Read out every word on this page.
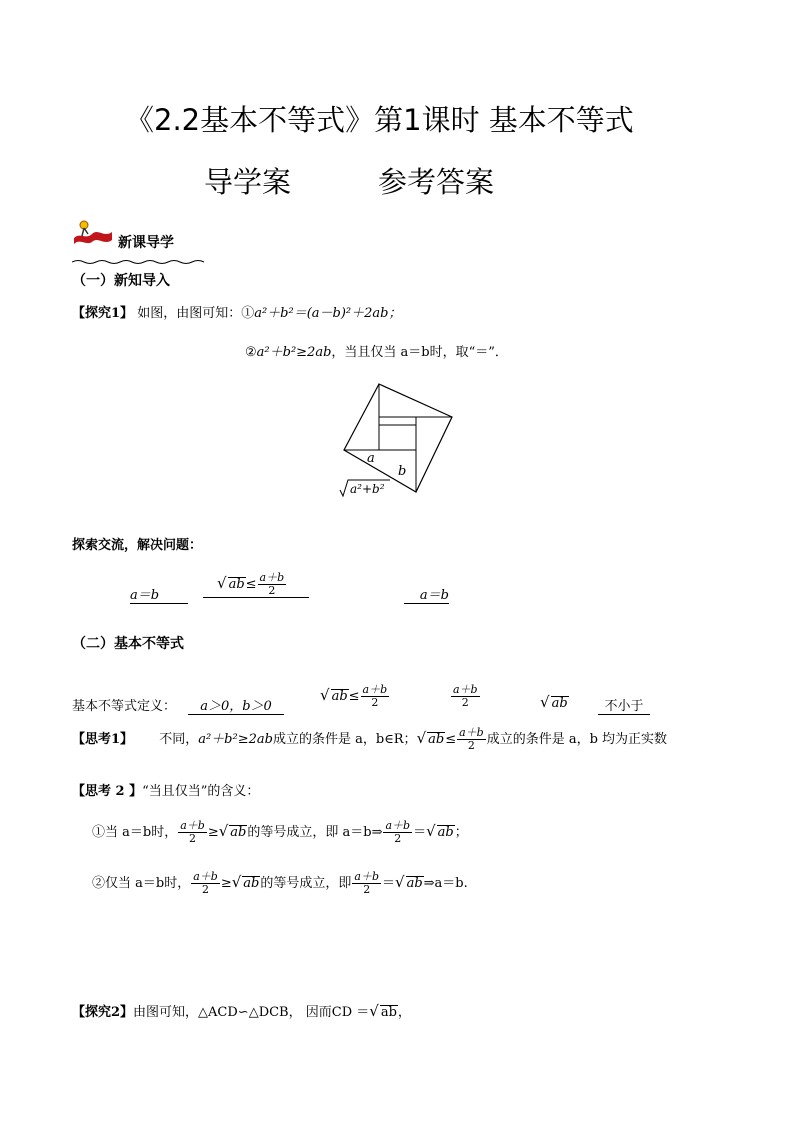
《2.2基本不等式》第1课时 基本不等式
导学案	参考答案
新课导学
（一）新知导入
【探究1】 如图，由图可知：①a²＋b²＝(a－b)²＋2ab；
②a²＋b²≥2ab，当且仅当 a＝b时，取“＝”．
a
b
a²+b²
探索交流，解决问题：
a＝b
√ $ab\le \frac{a+b}{2}$	a＝b
（二）基本不等式
基本不等式定义：	a＞0，b＞0
√ $ab\le \frac{a+b}{2}$	$\frac{a+b}{2}$	√ ab	不小于
【思考1】 不同，a²＋b²≥2ab成立的条件是 a，b∈R；√ $ab\le \frac{a+b}{2}$ 成立的条件是 a，b 均为正实数
【思考 2 】“当且仅当”的含义：
①当 a＝b时， $\frac{a+b}{2}$ ≥√ ab的等号成立，即 a＝b⇒ $\frac{a+b}{2}$ ＝√ ab；
②仅当 a＝b时， $\frac{a+b}{2}$ ≥√ ab的等号成立，即 $\frac{a+b}{2}$ ＝√ ab⇒a＝b.
【探究2】由图可知，△ACD∽△DCB， 因而CD ＝√ ab，
